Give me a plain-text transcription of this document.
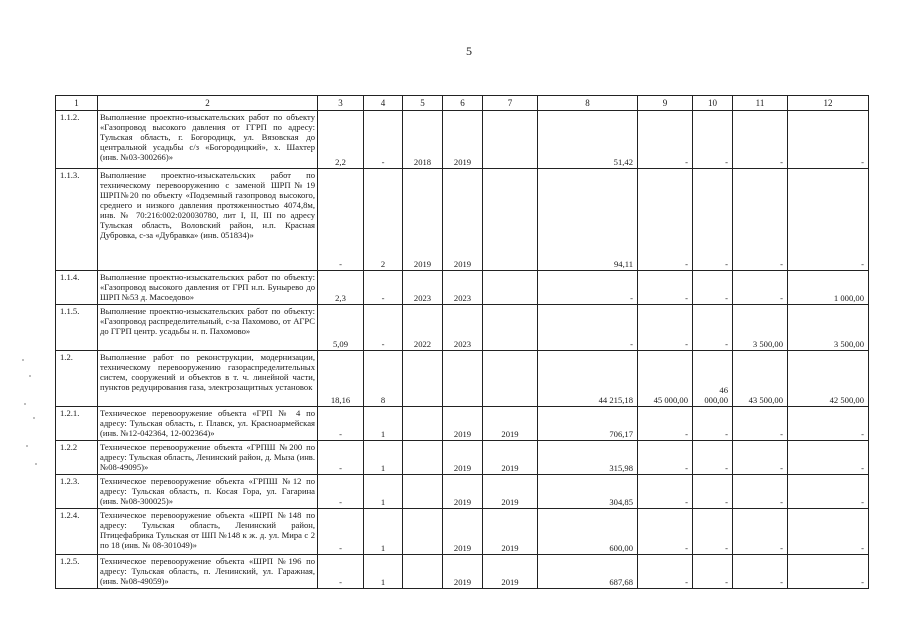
5
1	2	3	4	5	6	7	8	9	10	11	12
1.1.2.	Выполнение проектно-изыскательских работ по объекту «Газопровод высокого давления от ГГРП по адресу: Тульская область, г. Богородицк, ул. Вязовская до центральной усадьбы с/з «Богородицкий», х. Шахтер (инв. №03-300266)»	2,2	-	2018	2019		51,42	-	-	-	-
1.1.3.	Выполнение проектно-изыскательских работ по техническому перевооружению с заменой ШРП№19 ШРП№20 по объекту «Подземный газопровод высокого, среднего и низкого давления протяженностью 4074,8м, инв. № 70:216:002:020030780, лит I, II, III по адресу Тульская область, Воловский район, н.п. Красная Дубровка, с-за «Дубравка» (инв. 051834)»	-	2	2019	2019		94,11	-	-	-	-
1.1.4.	Выполнение проектно-изыскательских работ по объекту: «Газопровод высокого давления от ГРП н.п. Бунырево до ШРП №53 д. Масоедово»	2,3	-	2023	2023		-	-	-	-	1 000,00
1.1.5.	Выполнение проектно-изыскательских работ по объекту: «Газопровод распределительный, с-за Пахомово, от АГРС до ГГРП центр. усадьбы н. п. Пахомово»	5,09	-	2022	2023		-	-	-	3 500,00	3 500,00
1.2.	Выполнение работ по реконструкции, модернизации, техническому перевооружению газораспределительных систем, сооружений и объектов в т. ч. линейной части, пунктов редуцирования газа, электрозащитных установок	18,16	8				44 215,18	45 000,00	46 000,00	43 500,00	42 500,00
1.2.1.	Техническое перевооружение объекта «ГРП № 4 по адресу: Тульская область, г. Плавск, ул. Красноармейская (инв. №12-042364, 12-002364)»	-	1		2019	2019	706,17	-	-	-	-
1.2.2	Техническое перевооружение объекта «ГРПШ №200 по адресу: Тульская область, Ленинский район, д. Мыза (инв. №08-49095)»	-	1		2019	2019	315,98	-	-	-	-
1.2.3.	Техническое перевооружение объекта «ГРПШ №12 по адресу: Тульская область, п. Косая Гора, ул. Гагарина (инв. №08-300025)»	-	1		2019	2019	304,85	-	-	-	-
1.2.4.	Техническое перевооружение объекта «ШРП №148 по адресу: Тульская область, Ленинский район, Птицефабрика Тульская от ШП №148 к ж. д. ул. Мира с 2 по 18 (инв. № 08-301049)»	-	1		2019	2019	600,00	-	-	-	-
1.2.5.	Техническое перевооружение объекта «ШРП №196 по адресу: Тульская область, п. Ленинский, ул. Гаражная, (инв. №08-49059)»	-	1		2019	2019	687,68	-	-	-	-
